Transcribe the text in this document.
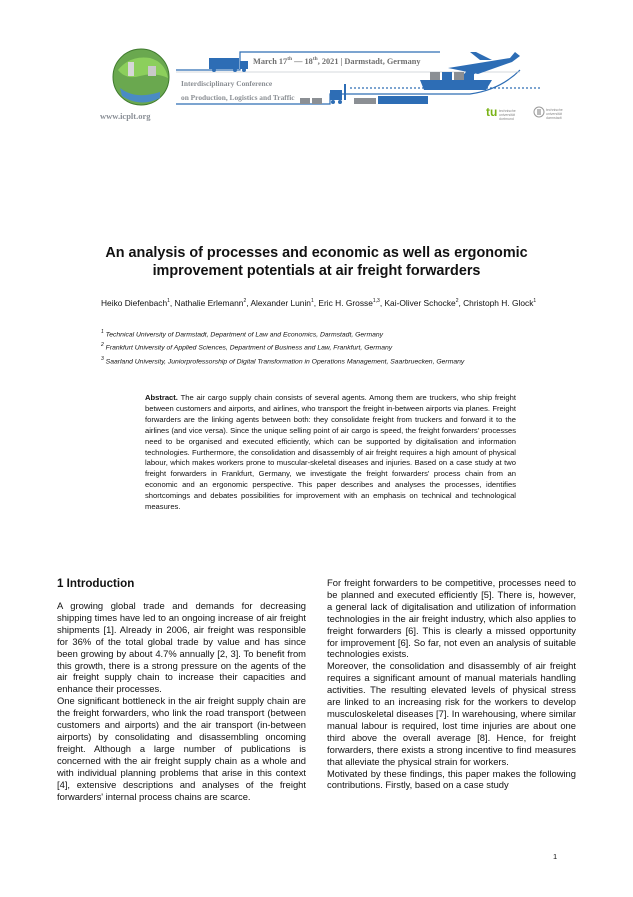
www.icplt.org
March 17th — 18th, 2021 | Darmstadt, Germany
Interdisciplinary Conference
on Production, Logistics and Traffic
tu technische universität dortmund
technische universität darmstadt
An analysis of processes and economic as well as ergonomic improvement potentials at air freight forwarders
Heiko Diefenbach$^1$, Nathalie Erlemann$^2$, Alexander Lunin$^1$, Eric H. Grosse$^{1,3}$, Kai-Oliver Schocke$^2$, Christoph H. Glock$^1$
$^1$ Technical University of Darmstadt, Department of Law and Economics, Darmstadt, Germany
$^2$ Frankfurt University of Applied Sciences, Department of Business and Law, Frankfurt, Germany
$^3$ Saarland University, Juniorprofessorship of Digital Transformation in Operations Management, Saarbruecken, Germany
Abstract. The air cargo supply chain consists of several agents. Among them are truckers, who ship freight between customers and airports, and airlines, who transport the freight in-between airports via planes. Freight forwarders are the linking agents between both: they consolidate freight from truckers and forward it to the airlines (and vice versa). Since the unique selling point of air cargo is speed, the freight forwarders' processes need to be organised and executed efficiently, which can be supported by digitalisation and information technologies. Furthermore, the consolidation and disassembly of air freight requires a high amount of physical labour, which makes workers prone to muscular-skeletal diseases and injuries. Based on a case study at two freight forwarders in Frankfurt, Germany, we investigate the freight forwarders' process chain from an economic and an ergonomic perspective. This paper describes and analyses the processes, identifies shortcomings and debates possibilities for improvement with an emphasis on technical and technological measures.
1 Introduction

A growing global trade and demands for decreasing shipping times have led to an ongoing increase of air freight shipments [1]. Already in 2006, air freight was responsible for 36% of the total global trade by value and has since been growing by about 4.7% annually [2, 3]. To benefit from this growth, there is a strong pressure on the agents of the air freight supply chain to increase their capacities and enhance their processes.

One significant bottleneck in the air freight supply chain are the freight forwarders, who link the road transport (between customers and airports) and the air transport (in-between airports) by consolidating and disassembling oncoming freight. Although a large number of publications is concerned with the air freight supply chain as a whole and with individual planning problems that arise in this context [4], extensive descriptions and analyses of the freight forwarders' internal process chains are scarce.

For freight forwarders to be competitive, processes need to be planned and executed efficiently [5]. There is, however, a general lack of digitalisation and utilization of information technologies in the air freight industry, which also applies to freight forwarders [6]. This is clearly a missed opportunity for improvement [6]. So far, not even an analysis of suitable technologies exists.

Moreover, the consolidation and disassembly of air freight requires a significant amount of manual materials handling activities. The resulting elevated levels of physical stress are linked to an increasing risk for the workers to develop musculoskeletal diseases [7]. In warehousing, where similar manual labour is required, lost time injuries are about one third above the overall average [8]. Hence, for freight forwarders, there exists a strong incentive to find measures that alleviate the physical strain for workers.

Motivated by these findings, this paper makes the following contributions. Firstly, based on a case study

1
